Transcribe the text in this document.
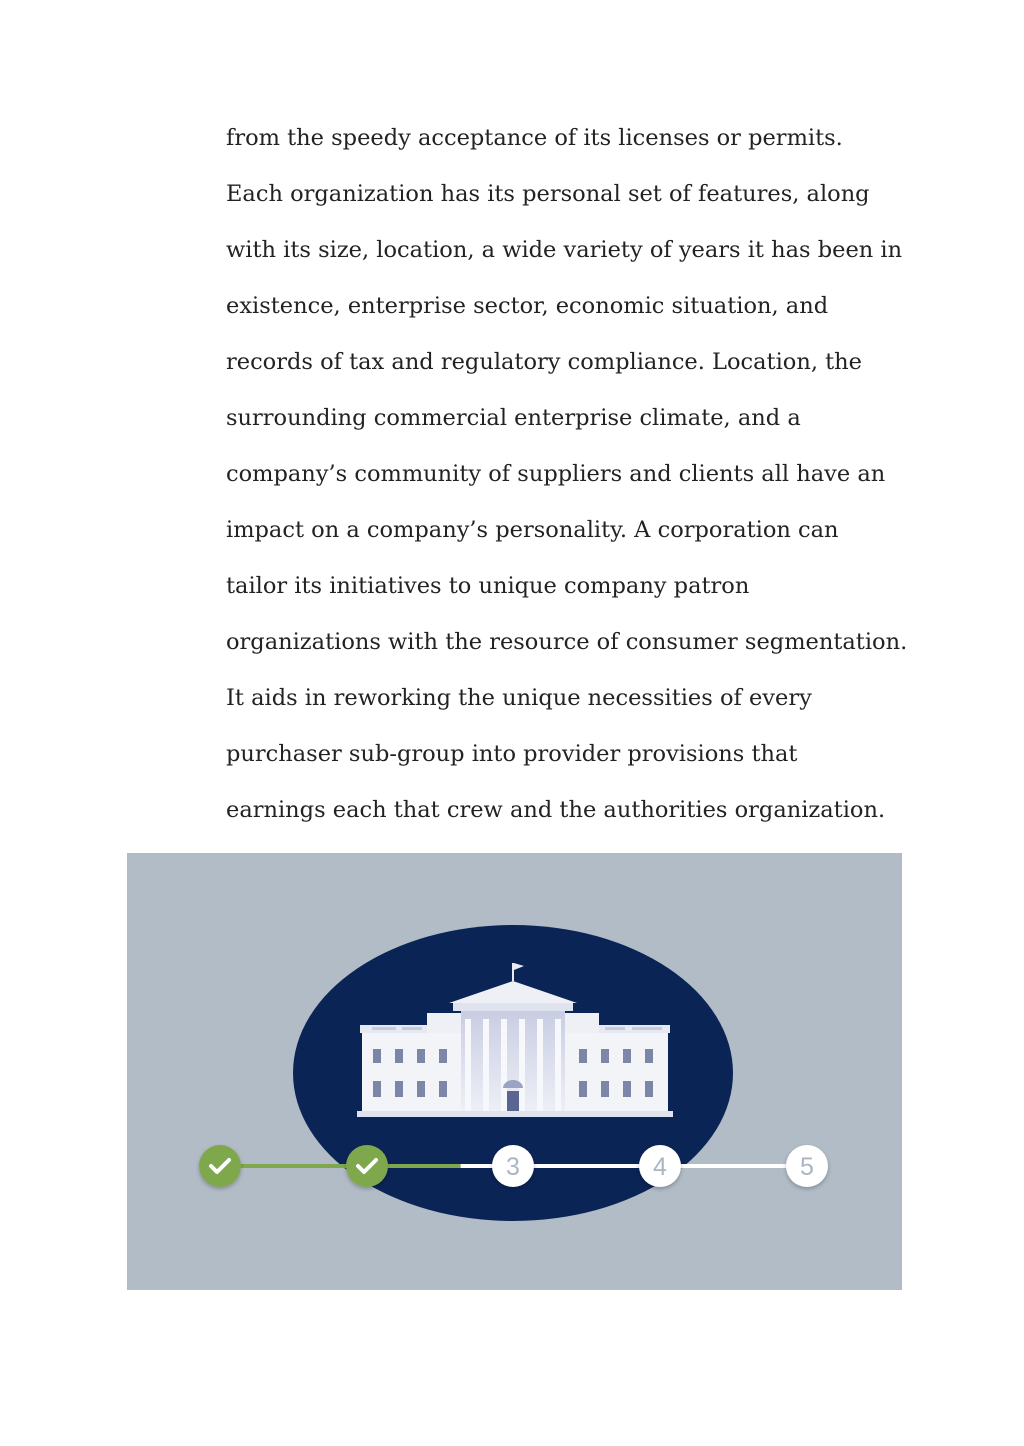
from the speedy acceptance of its licenses or permits.
Each organization has its personal set of features, along
with its size, location, a wide variety of years it has been in
existence, enterprise sector, economic situation, and
records of tax and regulatory compliance. Location, the
surrounding commercial enterprise climate, and a
company’s community of suppliers and clients all have an
impact on a company’s personality. A corporation can
tailor its initiatives to unique company patron
organizations with the resource of consumer segmentation.
It aids in reworking the unique necessities of every
purchaser sub-group into provider provisions that
earnings each that crew and the authorities organization.
3	4	5
